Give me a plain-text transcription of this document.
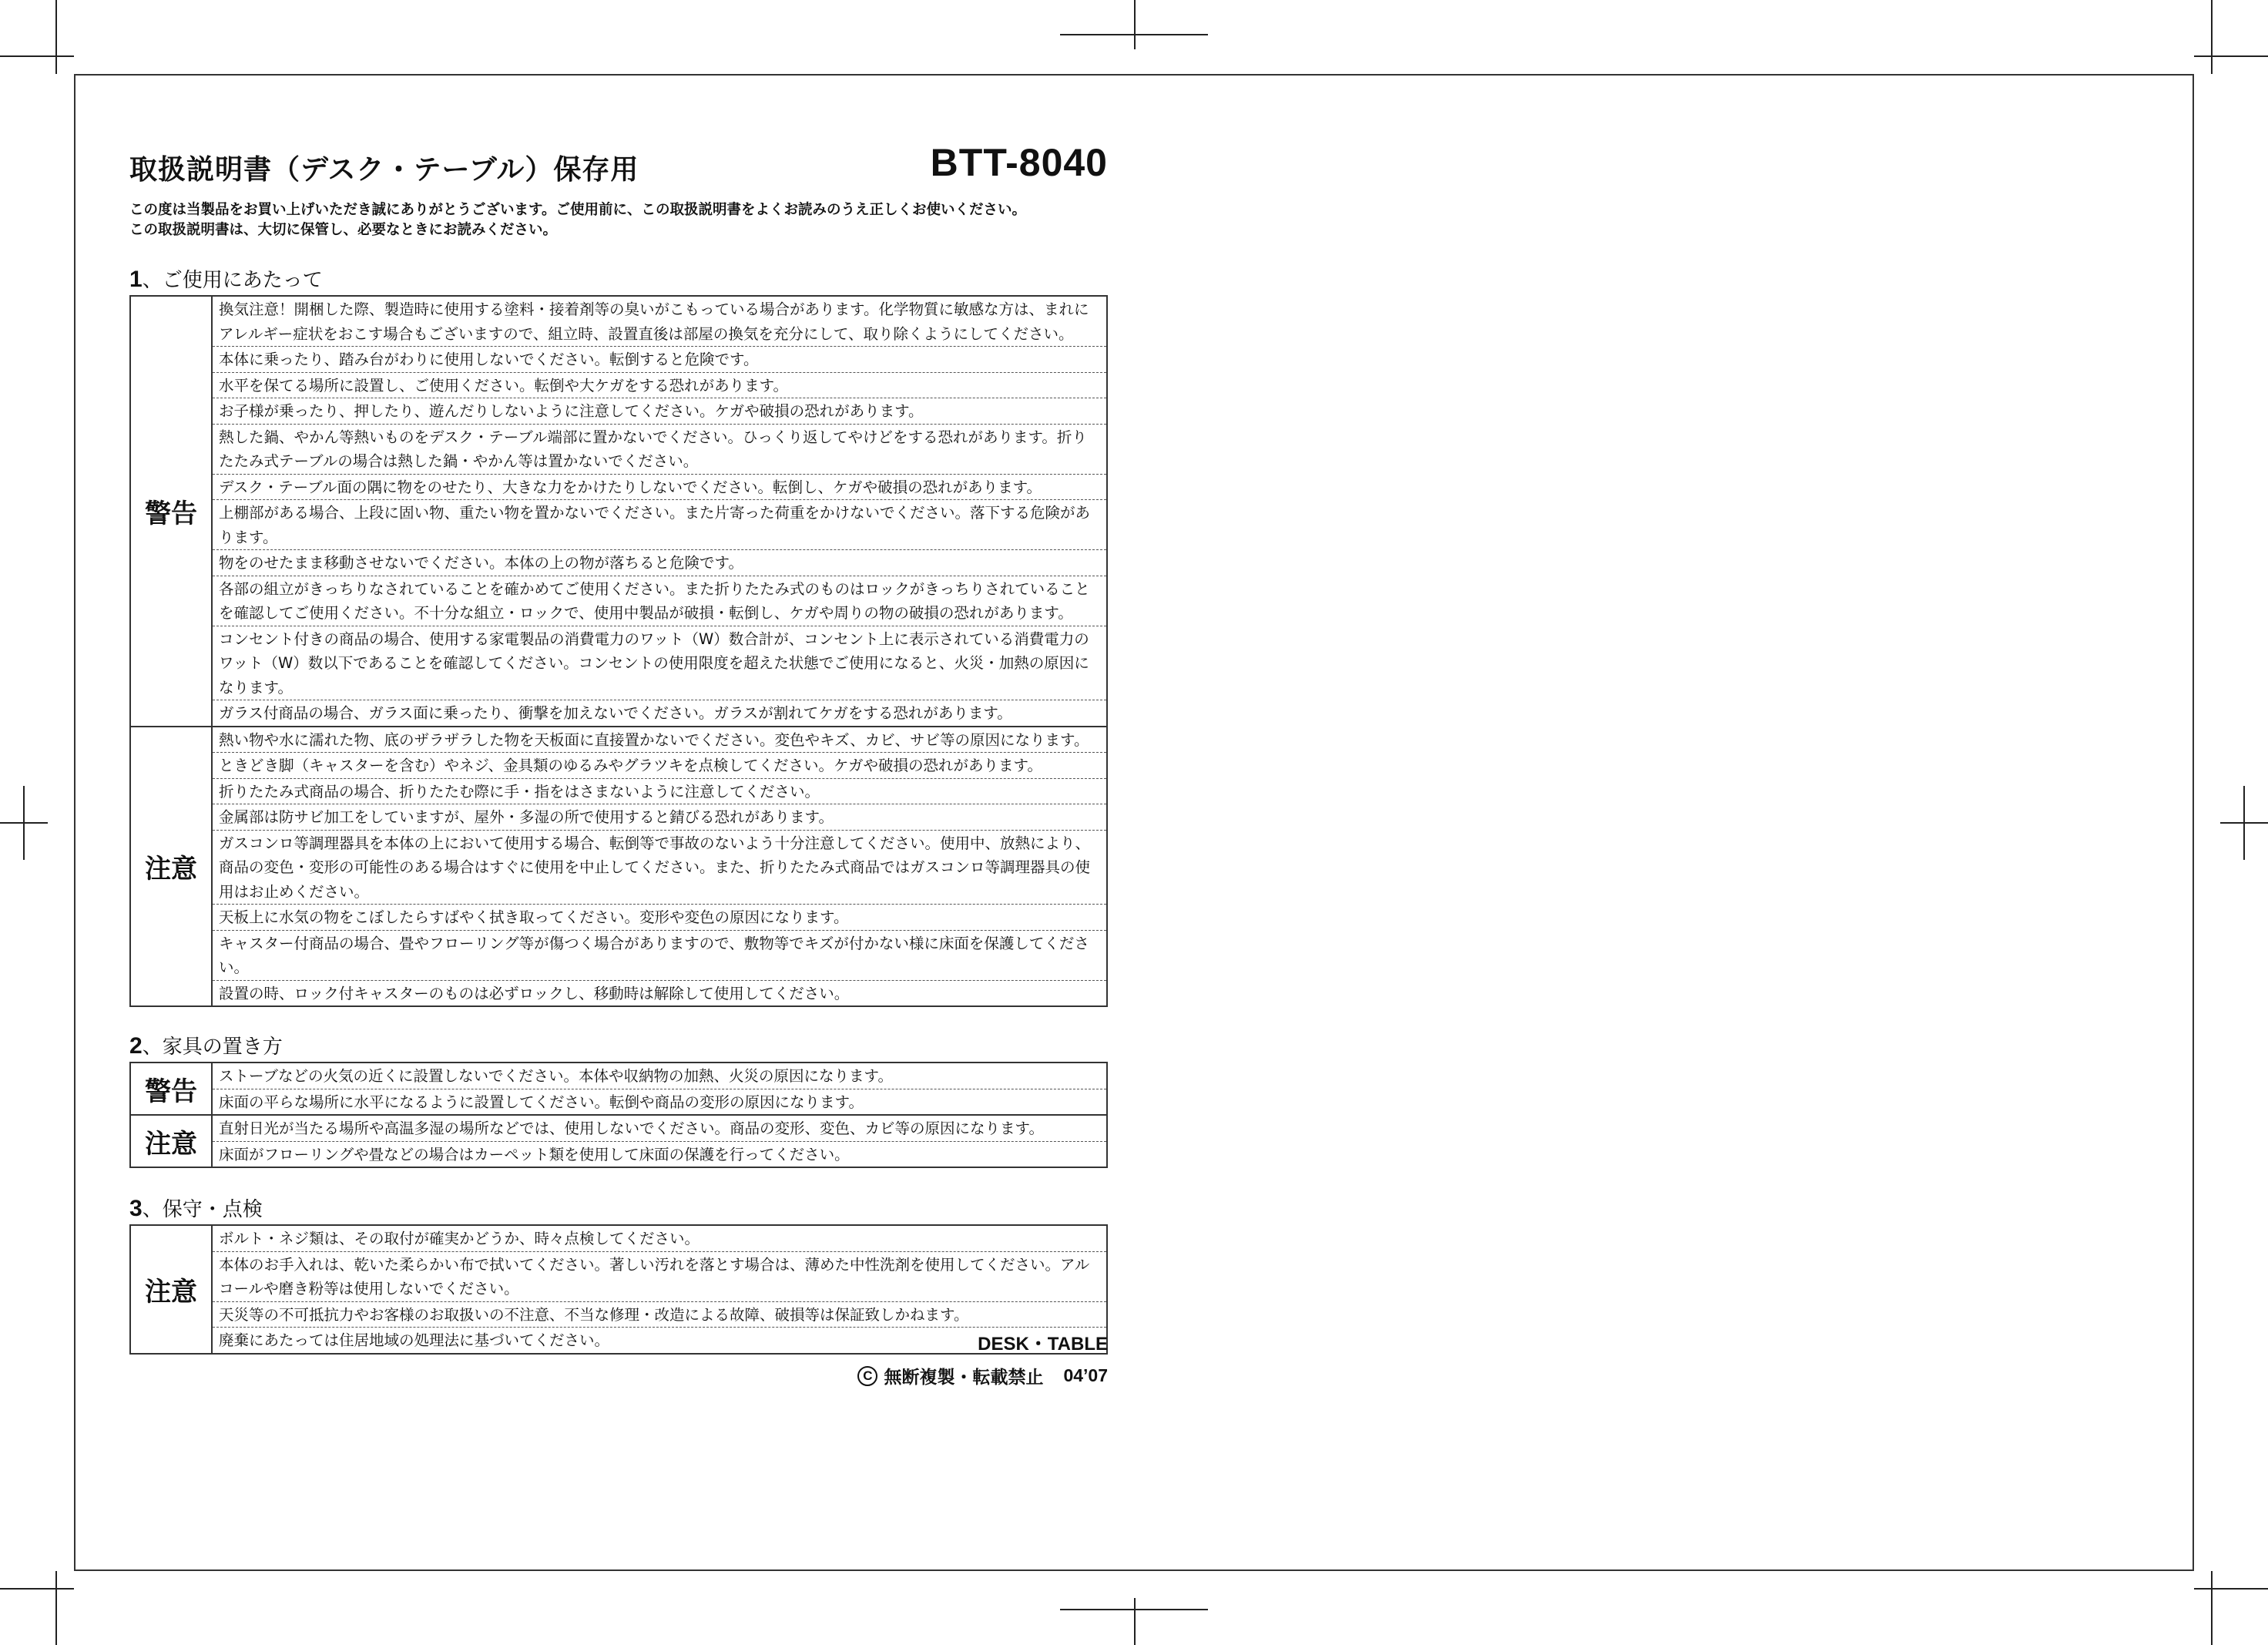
取扱説明書（デスク・テーブル）保存用	BTT-8040
この度は当製品をお買い上げいただき誠にありがとうございます。ご使用前に、この取扱説明書をよくお読みのうえ正しくお使いください。
この取扱説明書は、大切に保管し、必要なときにお読みください。
1、ご使用にあたって
警告
換気注意！開梱した際、製造時に使用する塗料・接着剤等の臭いがこもっている場合があります。化学物質に敏感な方は、まれにアレルギー症状をおこす場合もございますので、組立時、設置直後は部屋の換気を充分にして、取り除くようにしてください。
本体に乗ったり、踏み台がわりに使用しないでください。転倒すると危険です。
水平を保てる場所に設置し、ご使用ください。転倒や大ケガをする恐れがあります。
お子様が乗ったり、押したり、遊んだりしないように注意してください。ケガや破損の恐れがあります。
熱した鍋、やかん等熱いものをデスク・テーブル端部に置かないでください。ひっくり返してやけどをする恐れがあります。折りたたみ式テーブルの場合は熱した鍋・やかん等は置かないでください。
デスク・テーブル面の隅に物をのせたり、大きな力をかけたりしないでください。転倒し、ケガや破損の恐れがあります。
上棚部がある場合、上段に固い物、重たい物を置かないでください。また片寄った荷重をかけないでください。落下する危険があります。
物をのせたまま移動させないでください。本体の上の物が落ちると危険です。
各部の組立がきっちりなされていることを確かめてご使用ください。また折りたたみ式のものはロックがきっちりされていることを確認してご使用ください。不十分な組立・ロックで、使用中製品が破損・転倒し、ケガや周りの物の破損の恐れがあります。
コンセント付きの商品の場合、使用する家電製品の消費電力のワット（W）数合計が、コンセント上に表示されている消費電力のワット（W）数以下であることを確認してください。コンセントの使用限度を超えた状態でご使用になると、火災・加熱の原因になります。
ガラス付商品の場合、ガラス面に乗ったり、衝撃を加えないでください。ガラスが割れてケガをする恐れがあります。
注意
熱い物や水に濡れた物、底のザラザラした物を天板面に直接置かないでください。変色やキズ、カビ、サビ等の原因になります。
ときどき脚（キャスターを含む）やネジ、金具類のゆるみやグラツキを点検してください。ケガや破損の恐れがあります。
折りたたみ式商品の場合、折りたたむ際に手・指をはさまないように注意してください。
金属部は防サビ加工をしていますが、屋外・多湿の所で使用すると錆びる恐れがあります。
ガスコンロ等調理器具を本体の上において使用する場合、転倒等で事故のないよう十分注意してください。使用中、放熱により、商品の変色・変形の可能性のある場合はすぐに使用を中止してください。また、折りたたみ式商品ではガスコンロ等調理器具の使用はお止めください。
天板上に水気の物をこぼしたらすばやく拭き取ってください。変形や変色の原因になります。
キャスター付商品の場合、畳やフローリング等が傷つく場合がありますので、敷物等でキズが付かない様に床面を保護してください。
設置の時、ロック付キャスターのものは必ずロックし、移動時は解除して使用してください。
2、家具の置き方
警告	ストーブなどの火気の近くに設置しないでください。本体や収納物の加熱、火災の原因になります。
床面の平らな場所に水平になるように設置してください。転倒や商品の変形の原因になります。
注意	直射日光が当たる場所や高温多湿の場所などでは、使用しないでください。商品の変形、変色、カビ等の原因になります。
床面がフローリングや畳などの場合はカーペット類を使用して床面の保護を行ってください。
3、保守・点検
注意
ボルト・ネジ類は、その取付が確実かどうか、時々点検してください。
本体のお手入れは、乾いた柔らかい布で拭いてください。著しい汚れを落とす場合は、薄めた中性洗剤を使用してください。アルコールや磨き粉等は使用しないでください。
天災等の不可抵抗力やお客様のお取扱いの不注意、不当な修理・改造による故障、破損等は保証致しかねます。
廃棄にあたっては住居地域の処理法に基づいてください。	DESK・TABLE
C 無断複製・転載禁止 04’07
